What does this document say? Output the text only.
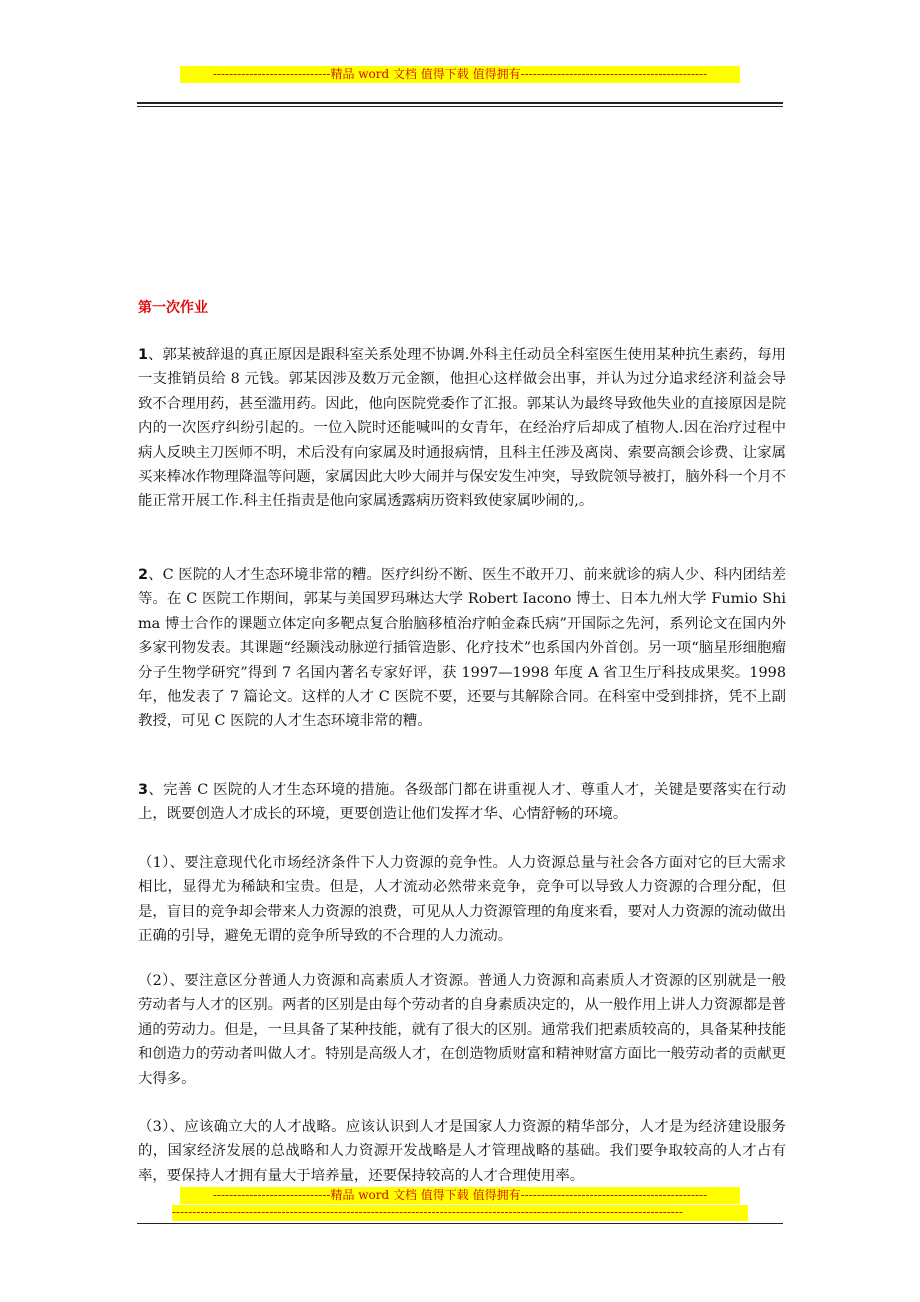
-----------------------------精品 word 文档 值得下载 值得拥有----------------------------------------------
第一次作业

1、郭某被辞退的真正原因是跟科室关系处理不协调.外科主任动员全科室医生使用某种抗生素药，每用一支推销员给 8 元钱。郭某因涉及数万元金额，他担心这样做会出事，并认为过分追求经济利益会导致不合理用药，甚至滥用药。因此，他向医院党委作了汇报。郭某认为最终导致他失业的直接原因是院内的一次医疗纠纷引起的。一位入院时还能喊叫的女青年，在经治疗后却成了植物人.因在治疗过程中病人反映主刀医师不明，术后没有向家属及时通报病情，且科主任涉及离岗、索要高额会诊费、让家属买来棒冰作物理降温等问题，家属因此大吵大闹并与保安发生冲突，导致院领导被打，脑外科一个月不能正常开展工作.科主任指责是他向家属透露病历资料致使家属吵闹的,。

2、C 医院的人才生态环境非常的糟。医疗纠纷不断、医生不敢开刀、前来就诊的病人少、科内团结差等。在 C 医院工作期间，郭某与美国罗玛琳达大学 Robert Iacono 博士、日本九州大学 Fumio Shima 博士合作的课题立体定向多靶点复合胎脑移植治疗帕金森氏病”开国际之先河，系列论文在国内外多家刊物发表。其课题“经颞浅动脉逆行插管造影、化疗技术”也系国内外首创。另一项“脑星形细胞瘤分子生物学研究”得到 7 名国内著名专家好评，获 1997—1998 年度 A 省卫生厅科技成果奖。1998 年，他发表了 7 篇论文。这样的人才 C 医院不要，还要与其解除合同。在科室中受到排挤，凭不上副教授，可见 C 医院的人才生态环境非常的糟。

3、完善 C 医院的人才生态环境的措施。各级部门都在讲重视人才、尊重人才，关键是要落实在行动上，既要创造人才成长的环境，更要创造让他们发挥才华、心情舒畅的环境。

（1）、要注意现代化市场经济条件下人力资源的竞争性。人力资源总量与社会各方面对它的巨大需求相比，显得尤为稀缺和宝贵。但是，人才流动必然带来竞争，竞争可以导致人力资源的合理分配，但是，盲目的竞争却会带来人力资源的浪费，可见从人力资源管理的角度来看，要对人力资源的流动做出正确的引导，避免无谓的竞争所导致的不合理的人力流动。

（2）、要注意区分普通人力资源和高素质人才资源。普通人力资源和高素质人才资源的区别就是一般劳动者与人才的区别。两者的区别是由每个劳动者的自身素质决定的，从一般作用上讲人力资源都是普通的劳动力。但是，一旦具备了某种技能，就有了很大的区别。通常我们把素质较高的，具备某种技能和创造力的劳动者叫做人才。特别是高级人才，在创造物质财富和精神财富方面比一般劳动者的贡献更大得多。

（3）、应该确立大的人才战略。应该认识到人才是国家人力资源的精华部分，人才是为经济建设服务的，国家经济发展的总战略和人力资源开发战略是人才管理战略的基础。我们要争取较高的人才占有率，要保持人才拥有量大于培养量，还要保持较高的人才合理使用率。

-----------------------------精品 word 文档 值得下载 值得拥有----------------------------------------------
------------------------------------------------------------------------------------------------------------------------------
